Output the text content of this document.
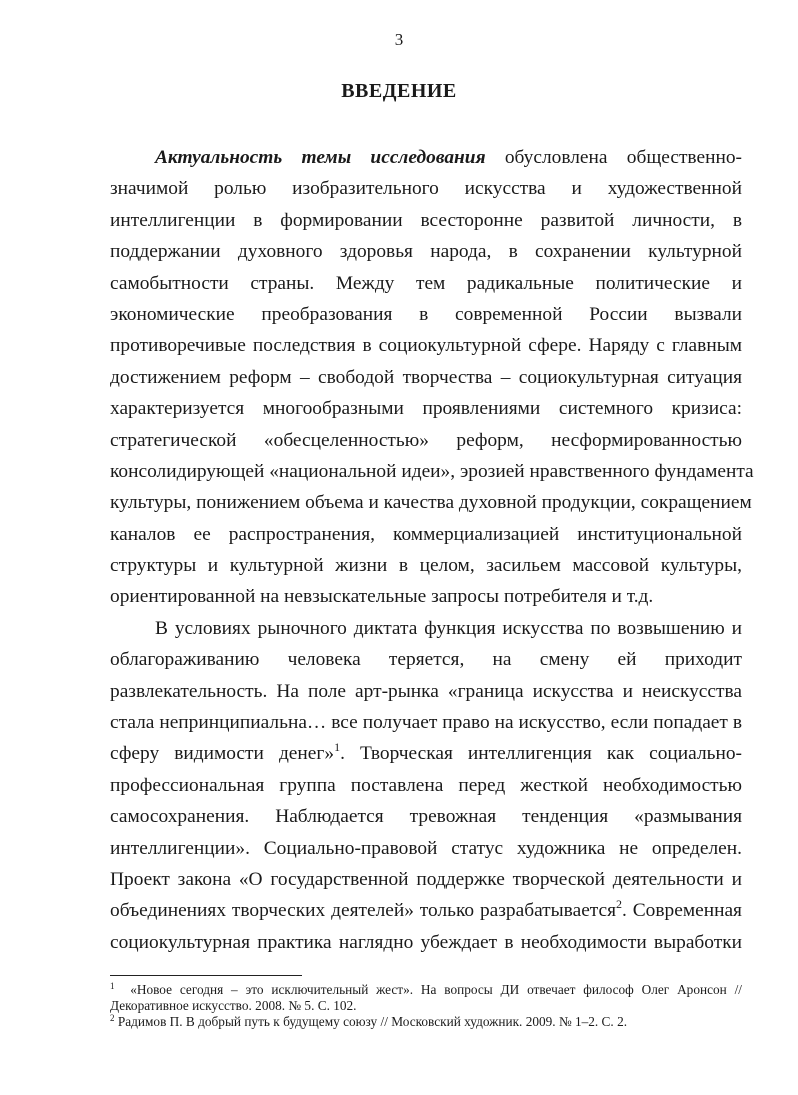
3
ВВЕДЕНИЕ
Актуальность темы исследования обусловлена общественно-
значимой ролью изобразительного искусства и художественной
интеллигенции в формировании всесторонне развитой личности, в
поддержании духовного здоровья народа, в сохранении культурной
самобытности страны. Между тем радикальные политические и
экономические преобразования в современной России вызвали
противоречивые последствия в социокультурной сфере. Наряду с главным
достижением реформ – свободой творчества – социокультурная ситуация
характеризуется многообразными проявлениями системного кризиса:
стратегической «обесцеленностью» реформ, несформированностью
консолидирующей «национальной идеи», эрозией нравственного фундамента
культуры, понижением объема и качества духовной продукции, сокращением
каналов ее распространения, коммерциализацией институциональной
структуры и культурной жизни в целом, засильем массовой культуры,
ориентированной на невзыскательные запросы потребителя и т.д.
В условиях рыночного диктата функция искусства по возвышению и
облагораживанию человека теряется, на смену ей приходит
развлекательность. На поле арт-рынка «граница искусства и неискусства
стала непринципиальна… все получает право на искусство, если попадает в
сферу видимости денег»$^1$. Творческая интеллигенция как социально-
профессиональная группа поставлена перед жесткой необходимостью
самосохранения. Наблюдается тревожная тенденция «размывания
интеллигенции». Социально-правовой статус художника не определен.
Проект закона «О государственной поддержке творческой деятельности и
объединениях творческих деятелей» только разрабатывается$^2$. Современная
социокультурная практика наглядно убеждает в необходимости выработки
$^1$ «Новое сегодня – это исключительный жест». На вопросы ДИ отвечает философ Олег Аронсон //
Декоративное искусство. 2008. № 5. С. 102.
$^2$ Радимов П. В добрый путь к будущему союзу // Московский художник. 2009. № 1–2. С. 2.
